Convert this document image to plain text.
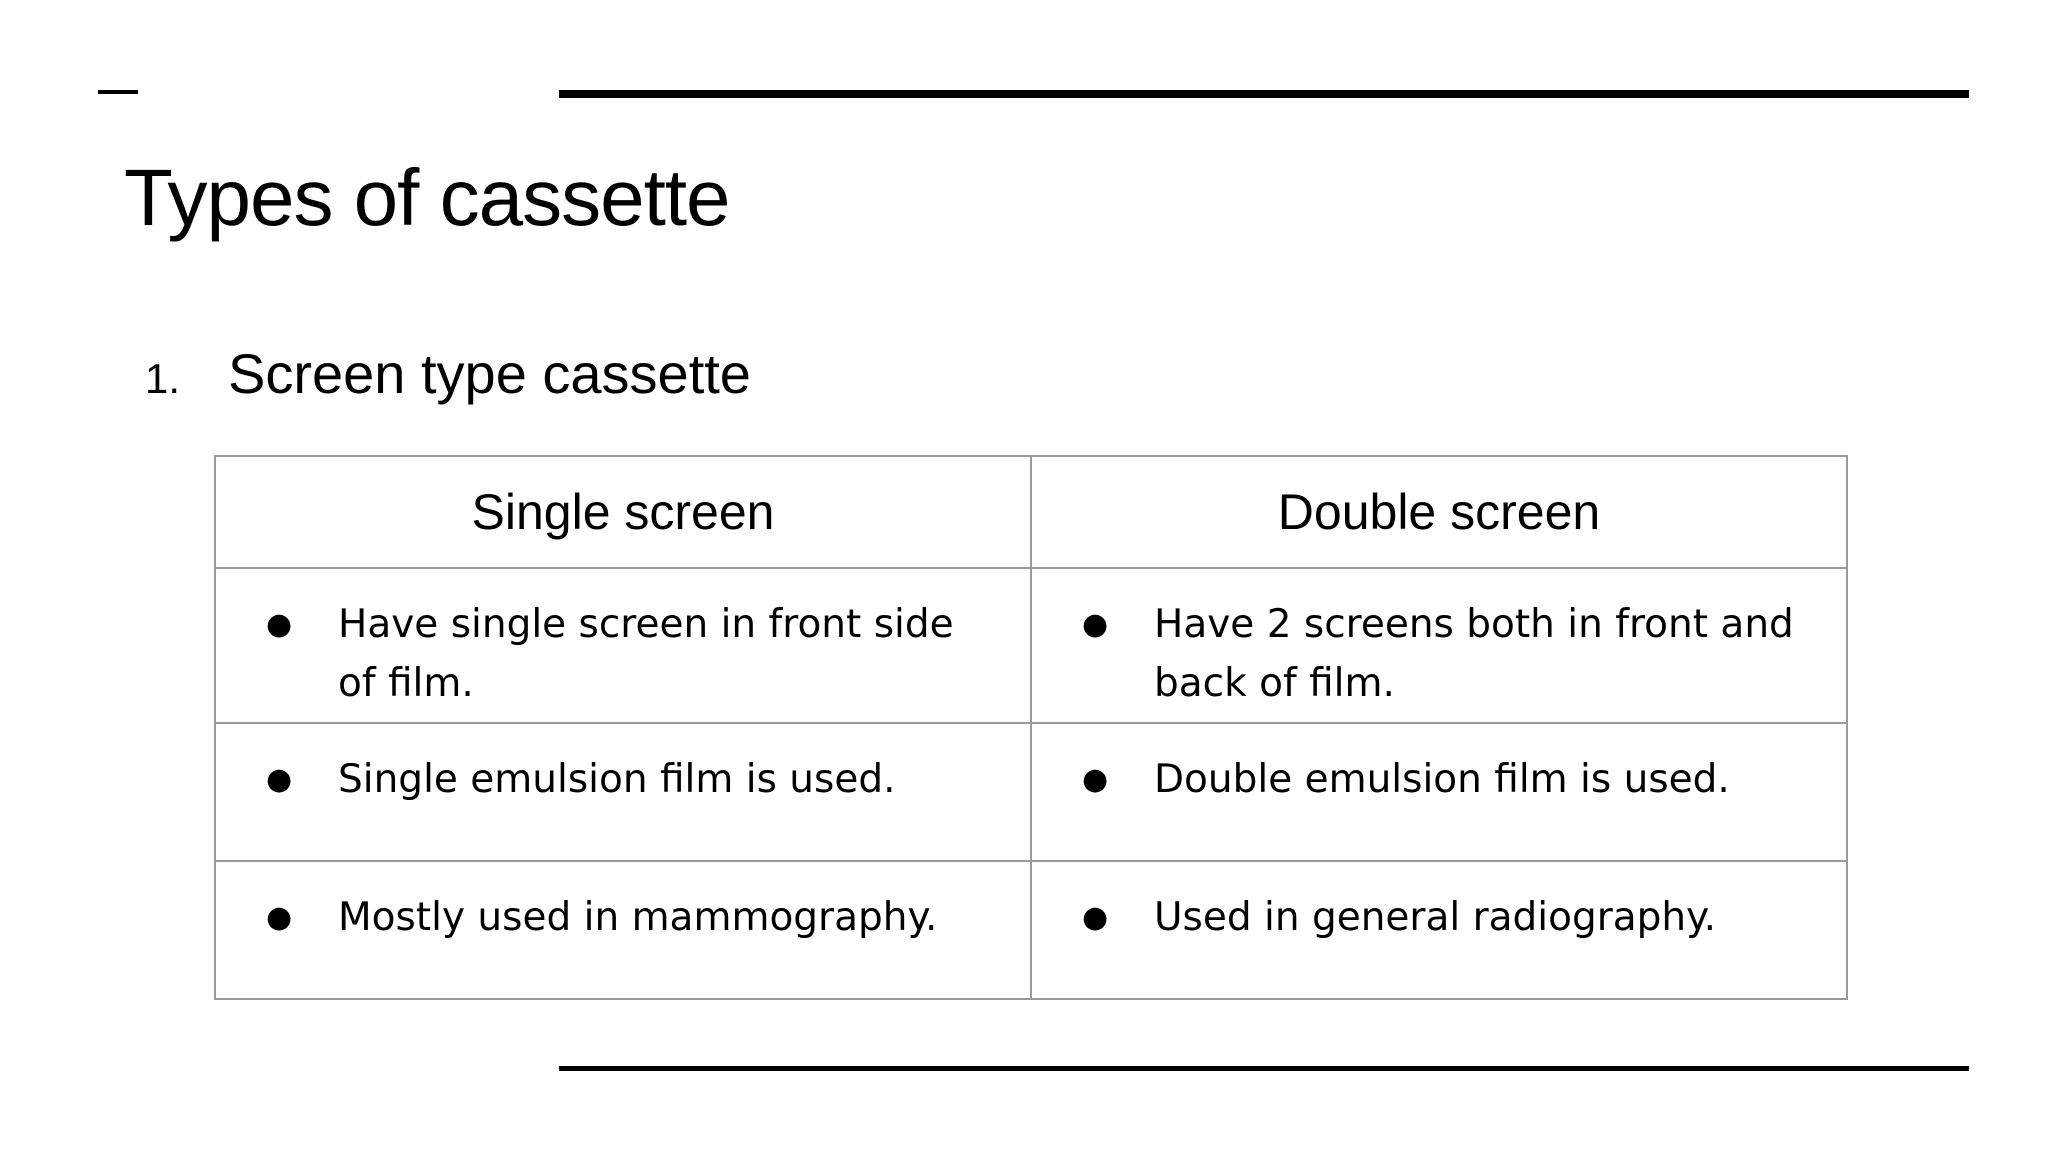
Types of cassette
1. Screen type cassette
Single screen	Double screen

● Have single screen in front side of film.	● Have 2 screens both in front and back of film.

● Single emulsion film is used.	● Double emulsion film is used.

● Mostly used in mammography.	● Used in general radiography.
